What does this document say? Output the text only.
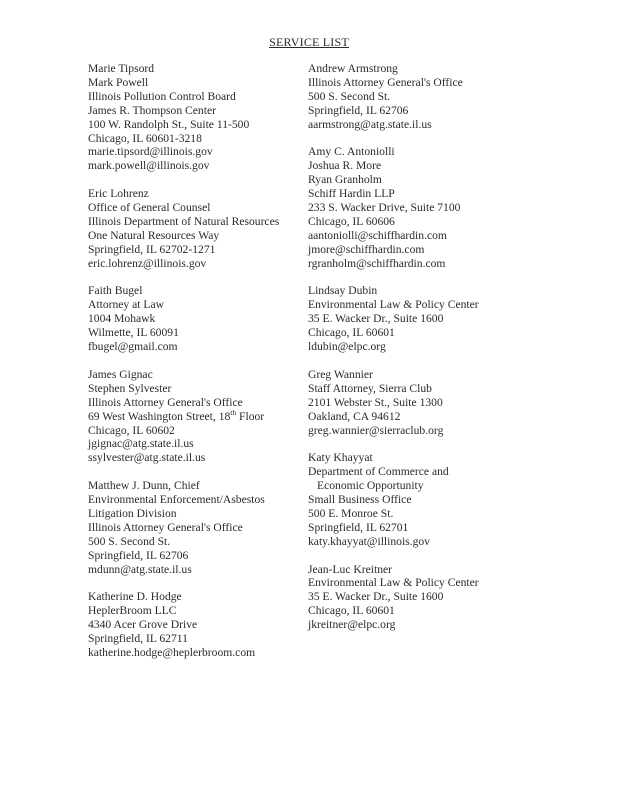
SERVICE LIST
Marie Tipsord
Mark Powell
Illinois Pollution Control Board
James R. Thompson Center
100 W. Randolph St., Suite 11-500
Chicago, IL 60601-3218
marie.tipsord@illinois.gov
mark.powell@illinois.gov
Eric Lohrenz
Office of General Counsel
Illinois Department of Natural Resources
One Natural Resources Way
Springfield, IL 62702-1271
eric.lohrenz@illinois.gov
Faith Bugel
Attorney at Law
1004 Mohawk
Wilmette, IL 60091
fbugel@gmail.com
James Gignac
Stephen Sylvester
Illinois Attorney General's Office
69 West Washington Street, 18th Floor
Chicago, IL 60602
jgignac@atg.state.il.us
ssylvester@atg.state.il.us
Matthew J. Dunn, Chief
Environmental Enforcement/Asbestos
Litigation Division
Illinois Attorney General's Office
500 S. Second St.
Springfield, IL 62706
mdunn@atg.state.il.us
Katherine D. Hodge
HeplerBroom LLC
4340 Acer Grove Drive
Springfield, IL 62711
katherine.hodge@heplerbroom.com
Andrew Armstrong
Illinois Attorney General's Office
500 S. Second St.
Springfield, IL 62706
aarmstrong@atg.state.il.us
Amy C. Antoniolli
Joshua R. More
Ryan Granholm
Schiff Hardin LLP
233 S. Wacker Drive, Suite 7100
Chicago, IL 60606
aantoniolli@schiffhardin.com
jmore@schiffhardin.com
rgranholm@schiffhardin.com
Lindsay Dubin
Environmental Law & Policy Center
35 E. Wacker Dr., Suite 1600
Chicago, IL 60601
ldubin@elpc.org
Greg Wannier
Staff Attorney, Sierra Club
2101 Webster St., Suite 1300
Oakland, CA 94612
greg.wannier@sierraclub.org
Katy Khayyat
Department of Commerce and
Economic Opportunity
Small Business Office
500 E. Monroe St.
Springfield, IL 62701
katy.khayyat@illinois.gov
Jean-Luc Kreitner
Environmental Law & Policy Center
35 E. Wacker Dr., Suite 1600
Chicago, IL 60601
jkreitner@elpc.org
